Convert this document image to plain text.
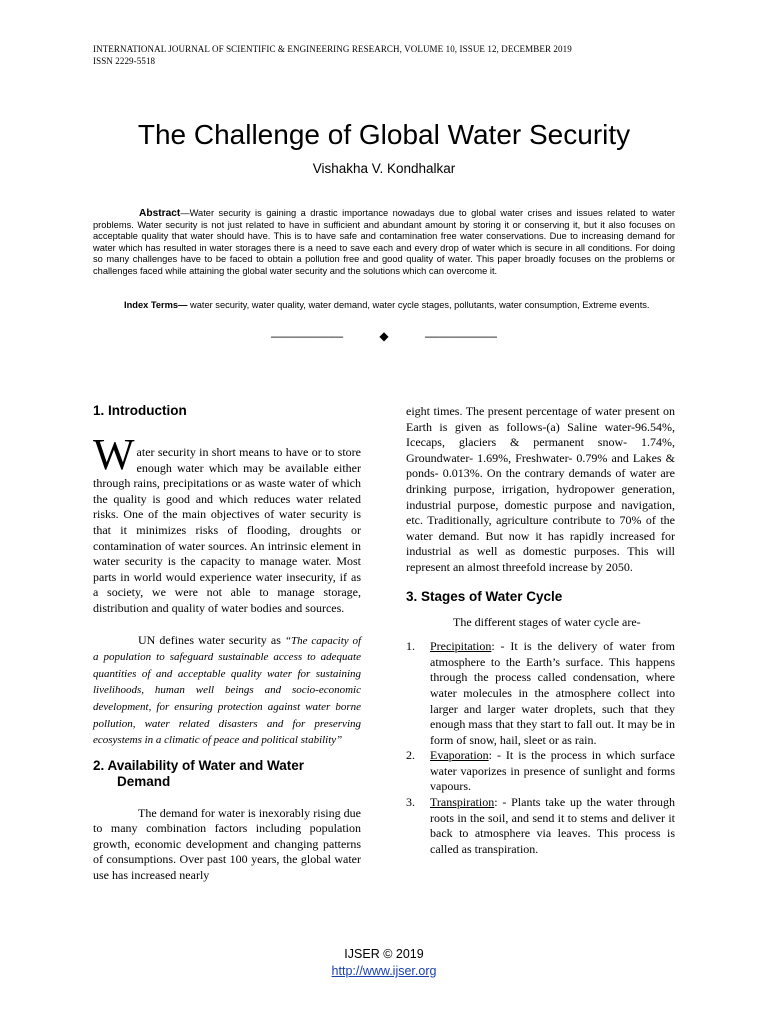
INTERNATIONAL JOURNAL OF SCIENTIFIC & ENGINEERING RESEARCH, VOLUME 10, ISSUE 12, DECEMBER 2019
ISSN 2229-5518
The Challenge of Global Water Security
Vishakha V. Kondhalkar
Abstract—Water security is gaining a drastic importance nowadays due to global water crises and issues related to water problems. Water security is not just related to have in sufficient and abundant amount by storing it or conserving it, but it also focuses on acceptable quality that water should have. This is to have safe and contamination free water conservations. Due to increasing demand for water which has resulted in water storages there is a need to save each and every drop of water which is secure in all conditions. For doing so many challenges have to be faced to obtain a pollution free and good quality of water. This paper broadly focuses on the problems or challenges faced while attaining the global water security and the solutions which can overcome it.
Index Terms— water security, water quality, water demand, water cycle stages, pollutants, water consumption, Extreme events.
——————————	◆	——————————
1. Introduction
Water security in short means to have or to store enough water which may be available either through rains, precipitations or as waste water of which the quality is good and which reduces water related risks. One of the main objectives of water security is that it minimizes risks of flooding, droughts or contamination of water sources. An intrinsic element in water security is the capacity to manage water. Most parts in world would experience water insecurity, if as a society, we were not able to manage storage, distribution and quality of water bodies and sources.
UN defines water security as “The capacity of a population to safeguard sustainable access to adequate quantities of and acceptable quality water for sustaining livelihoods, human well beings and socio-economic development, for ensuring protection against water borne pollution, water related disasters and for preserving ecosystems in a climatic of peace and political stability”
2. Availability of Water and Water
Demand
The demand for water is inexorably rising due to many combination factors including population growth, economic development and changing patterns of consumptions. Over past 100 years, the global water use has increased nearly
eight times. The present percentage of water present on Earth is given as follows-(a) Saline water-96.54%, Icecaps, glaciers & permanent snow- 1.74%, Groundwater- 1.69%, Freshwater- 0.79% and Lakes & ponds- 0.013%. On the contrary demands of water are drinking purpose, irrigation, hydropower generation, industrial purpose, domestic purpose and navigation, etc. Traditionally, agriculture contribute to 70% of the water demand. But now it has rapidly increased for industrial as well as domestic purposes. This will represent an almost threefold increase by 2050.
3. Stages of Water Cycle
The different stages of water cycle are-
1. Precipitation: - It is the delivery of water from atmosphere to the Earth’s surface. This happens through the process called condensation, where water molecules in the atmosphere collect into larger and larger water droplets, such that they enough mass that they start to fall out. It may be in form of snow, hail, sleet or as rain.
2. Evaporation: - It is the process in which surface water vaporizes in presence of sunlight and forms vapours.
3. Transpiration: - Plants take up the water through roots in the soil, and send it to stems and deliver it back to atmosphere via leaves. This process is called as transpiration.
IJSER © 2019
http://www.ijser.org
